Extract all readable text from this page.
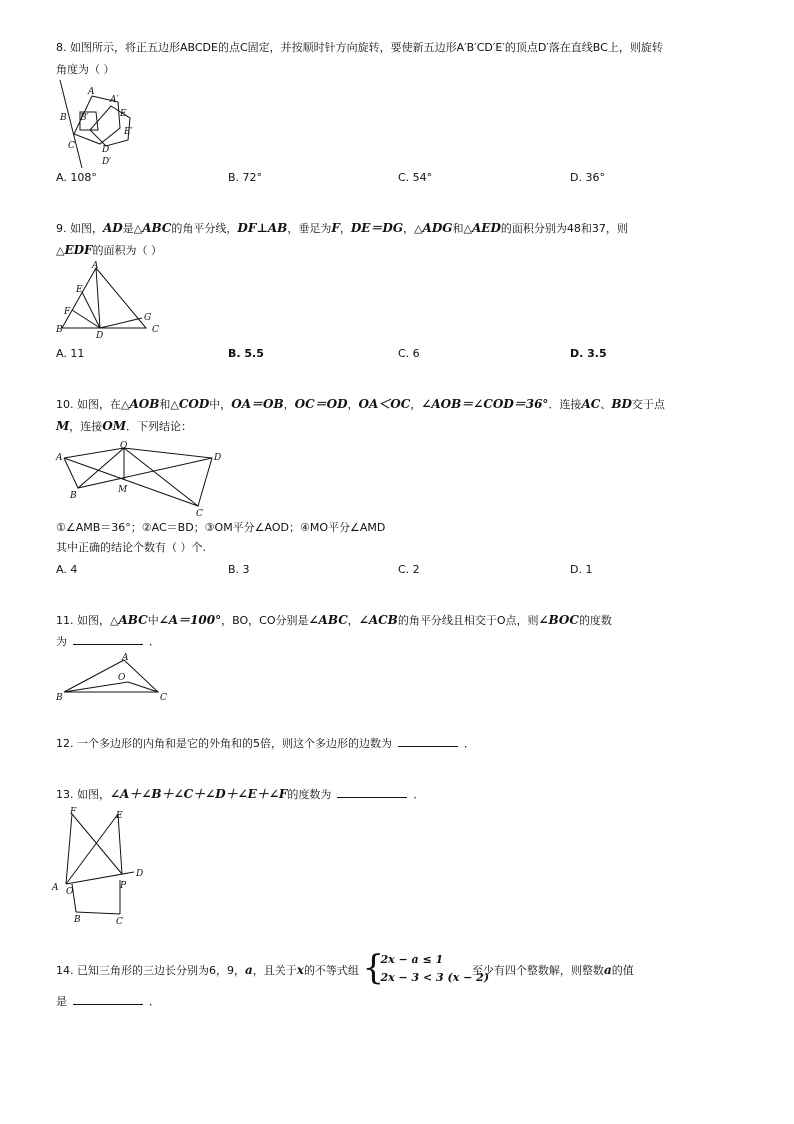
8. 如图所示，将正五边形ABCDE的点C固定，并按顺时针方向旋转，要使新五边形A′B′CD′E′的顶点D′落在直线BC上，则旋转
角度为（ ）
A
A′
B B′
C	D
D′
E
E′
A. 108°	B. 72°	C. 54°	D. 36°
9. 如图，AD是△ABC的角平分线，DF⊥AB，垂足为F，DE＝DG，△ADG和△AED的面积分别为48和37，则
△EDF的面积为（ ）
A
E
F
B
D
G
C
A. 11	B. 5.5	C. 6	D. 3.5
10. 如图，在△AOB和△COD中，OA＝OB，OC＝OD，OA＜OC，∠AOB＝∠COD＝36°．连接AC、BD交于点
M，连接OM．下列结论：
O
A
B
M
D
C
①∠AMB＝36°；②AC＝BD；③OM平分∠AOD；④MO平分∠AMD
其中正确的结论个数有（ ）个.
A. 4	B. 3	C. 2	D. 1
11. 如图，△ABC中∠A＝100°，BO，CO分别是∠ABC，∠ACB的角平分线且相交于O点，则∠BOC的度数
为	．
A
O
B	C
12. 一个多边形的内角和是它的外角和的5倍，则这个多边形的边数为	．
13. 如图，∠A＋∠B＋∠C＋∠D＋∠E＋∠F的度数为	．
F	E
A O
P
D
B	C
14. 已知三角形的三边长分别为6，9，a，且关于x的不等式组 {
2x − a ≤ 1
2x − 3 < 3 (x − 2)
至少有四个整数解，则整数a的值
是	．
